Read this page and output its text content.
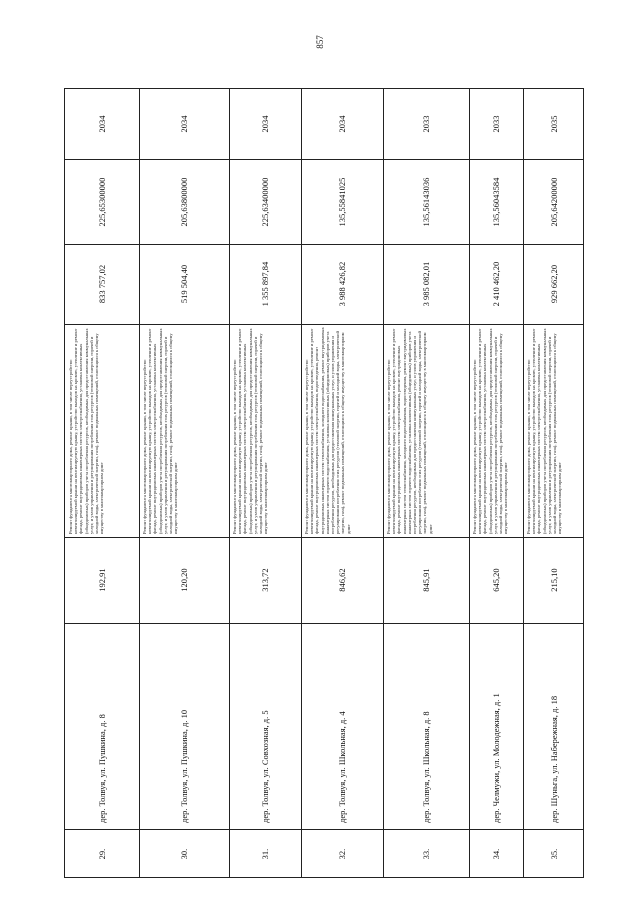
857
29.
дер. Толвуя, ул. Пушкина, д. 8
192,91
Ремонт фундамента многоквартирного дома, ремонт крыши, в том числе переустройство невентилируемой крыши на вентилируемую крышу, устройство выходов на кровлю, утепление и ремонт фасада, ремонт внутридомовых инженерных систем электроснабжения, установка коллективных (общедомовых) приборов учета потребления ресурсов, необходимых для предоставления коммунальных услуг, и узлов управления и регулирования потребления этих ресурсов (тепловой энергии, горячей и холодной воды, электрической энергии, газа), ремонт подвальных помещений, относящихся к общему имуществу в многоквартирном доме
833 757,02
225,65300000
2034
30.
дер. Толвуя, ул. Пушкина, д. 10
120,20
Ремонт фундамента многоквартирного дома, ремонт крыши, в том числе переустройство невентилируемой крыши на вентилируемую крышу, устройство выходов на кровлю, утепление и ремонт фасада, ремонт внутридомовых инженерных систем электроснабжения, установка коллективных (общедомовых) приборов учета потребления ресурсов, необходимых для предоставления коммунальных услуг, и узлов управления и регулирования потребления этих ресурсов (тепловой энергии, горячей и холодной воды, электрической энергии, газа), ремонт подвальных помещений, относящихся к общему имуществу в многоквартирном доме
519 504,40
205,63800000
2034
31.
дер. Толвуя, ул. Совхозная, д. 5
313,72
Ремонт фундамента многоквартирного дома, ремонт крыши, в том числе переустройство невентилируемой крыши на вентилируемую крышу, устройство выходов на кровлю, утепление и ремонт фасада, ремонт внутридомовых инженерных систем электроснабжения, установка коллективных (общедомовых) приборов учета потребления ресурсов, необходимых для предоставления коммунальных услуг, и узлов управления и регулирования потребления этих ресурсов (тепловой энергии, горячей и холодной воды, электрической энергии, газа), ремонт подвальных помещений, относящихся к общему имуществу в многоквартирном доме
1 355 897,84
225,63400000
2034
32.
дер. Толвуя, ул. Школьная, д. 4
846,62
Ремонт фундамента многоквартирного дома, ремонт крыши, в том числе переустройство невентилируемой крыши на вентилируемую крышу, устройство выходов на кровлю, утепление и ремонт фасада, ремонт внутридомовых инженерных систем электроснабжения, водоотведения, ремонт внутридомовых инженерных систем теплоснабжения, холодного водоснабжения, ремонт внутридомовых инженерных систем горячего водоснабжения, установка коллективных (общедомовых) приборов учета потребления ресурсов, необходимых для предоставления коммунальных услуг, и узлов управления и регулирования потребления этих ресурсов (тепловой энергии, горячей и холодной воды, электрической энергии, газа), ремонт подвальных помещений, относящихся к общему имуществу в многоквартирном доме
3 988 426,82
135,55841025
2034
33.
дер. Толвуя, ул. Школьная, д. 8
845,91
Ремонт фундамента многоквартирного дома, ремонт крыши, в том числе переустройство невентилируемой крыши на вентилируемую крышу, устройство выходов на кровлю, утепление и ремонт фасада, ремонт внутридомовых инженерных систем электроснабжения, ремонт внутридомовых инженерных систем теплоснабжения, холодного водоснабжения, водоотведения, ремонт внутридомовых инженерных систем горячего водоснабжения, установка коллективных (общедомовых) приборов учета потребления ресурсов, необходимых для предоставления коммунальных услуг, и узлов управления и регулирования потребления этих ресурсов (тепловой энергии, горячей и холодной воды, электрической энергии, газа), ремонт подвальных помещений, относящихся к общему имуществу в многоквартирном доме
3 985 082,01
135,56143036
2033
34.
дер. Челмужи, ул. Молодежная, д. 1
645,20
Ремонт фундамента многоквартирного дома, ремонт крыши, в том числе переустройство невентилируемой крыши на вентилируемую крышу, устройство выходов на кровлю, утепление и ремонт фасада, ремонт внутридомовых инженерных систем электроснабжения, установка коллективных (общедомовых) приборов учета потребления ресурсов, необходимых для предоставления коммунальных услуг, и узлов управления и регулирования потребления этих ресурсов (тепловой энергии, горячей и холодной воды, электрической энергии, газа), ремонт подвальных помещений, относящихся к общему имуществу в многоквартирном доме
2 410 462,20
135,56043584
2033
35.
дер. Шуньга, ул. Набережная, д. 18
215,10
Ремонт фундамента многоквартирного дома, ремонт крыши, в том числе переустройство невентилируемой крыши на вентилируемую крышу, устройство выходов на кровлю, утепление и ремонт фасада, ремонт внутридомовых инженерных систем электроснабжения, установка коллективных (общедомовых) приборов учета потребления ресурсов, необходимых для предоставления коммунальных услуг, и узлов управления и регулирования потребления этих ресурсов (тепловой энергии, горячей и холодной воды, электрической энергии, газа), ремонт подвальных помещений, относящихся к общему имуществу в многоквартирном доме
929 662,20
205,64200000
2035
